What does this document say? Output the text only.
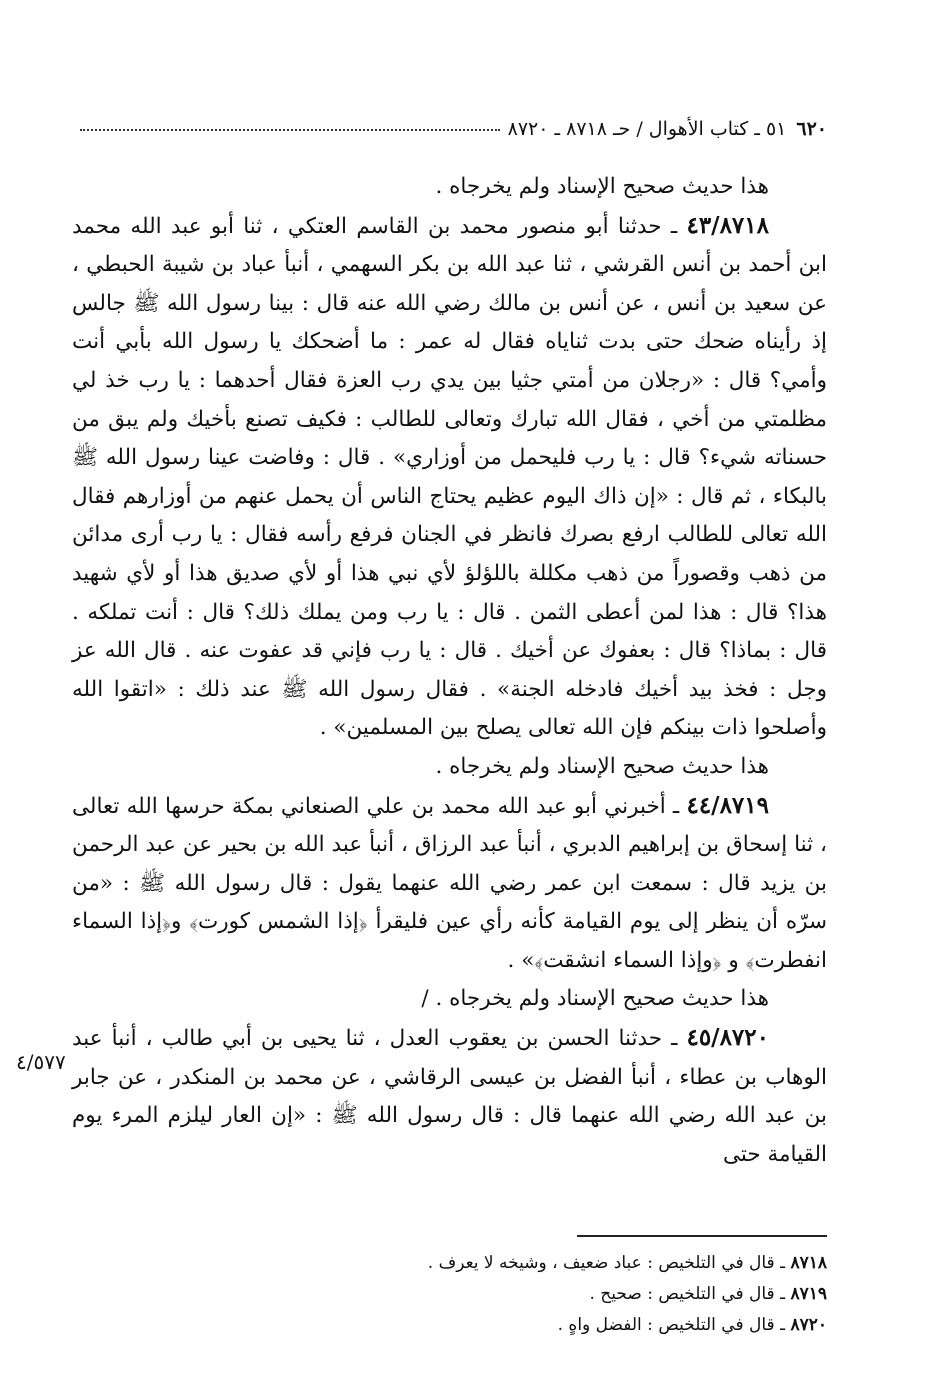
٦٢٠
٥١ ـ كتاب الأهوال / حـ ٨٧١٨ ـ ٨٧٢٠

هذا حديث صحيح الإسناد ولم يخرجاه .

٤٣/٨٧١٨ ـ حدثنا أبو منصور محمد بن القاسم العتكي ، ثنا أبو عبد الله محمد ابن أحمد بن أنس القرشي ، ثنا عبد الله بن بكر السهمي ، أنبأ عباد بن شيبة الحبطي ، عن سعيد بن أنس ، عن أنس بن مالك رضي الله عنه قال : بينا رسول الله ﷺ جالس إذ رأيناه ضحك حتى بدت ثناياه فقال له عمر : ما أضحكك يا رسول الله بأبي أنت وأمي؟ قال : «رجلان من أمتي جثيا بين يدي رب العزة فقال أحدهما : يا رب خذ لي مظلمتي من أخي ، فقال الله تبارك وتعالى للطالب : فكيف تصنع بأخيك ولم يبق من حسناته شيء؟ قال : يا رب فليحمل من أوزاري» . قال : وفاضت عينا رسول الله ﷺ بالبكاء ، ثم قال : «إن ذاك اليوم عظيم يحتاج الناس أن يحمل عنهم من أوزارهم فقال الله تعالى للطالب ارفع بصرك فانظر في الجنان فرفع رأسه فقال : يا رب أرى مدائن من ذهب وقصوراً من ذهب مكللة باللؤلؤ لأي نبي هذا أو لأي صديق هذا أو لأي شهيد هذا؟ قال : هذا لمن أعطى الثمن . قال : يا رب ومن يملك ذلك؟ قال : أنت تملكه . قال : بماذا؟ قال : بعفوك عن أخيك . قال : يا رب فإني قد عفوت عنه . قال الله عز وجل : فخذ بيد أخيك فادخله الجنة» . فقال رسول الله ﷺ عند ذلك : «اتقوا الله وأصلحوا ذات بينكم فإن الله تعالى يصلح بين المسلمين» .

هذا حديث صحيح الإسناد ولم يخرجاه .

٤٤/٨٧١٩ ـ أخبرني أبو عبد الله محمد بن علي الصنعاني بمكة حرسها الله تعالى ، ثنا إسحاق بن إبراهيم الدبري ، أنبأ عبد الرزاق ، أنبأ عبد الله بن بحير عن عبد الرحمن بن يزيد قال : سمعت ابن عمر رضي الله عنهما يقول : قال رسول الله ﷺ : «من سرّه أن ينظر إلى يوم القيامة كأنه رأي عين فليقرأ ﴿إذا الشمس كورت﴾ و﴿إذا السماء انفطرت﴾ و ﴿وإذا السماء انشقت﴾» .

هذا حديث صحيح الإسناد ولم يخرجاه . /

٤٥/٨٧٢٠ ـ حدثنا الحسن بن يعقوب العدل ، ثنا يحيى بن أبي طالب ، أنبأ عبد الوهاب بن عطاء ، أنبأ الفضل بن عيسى الرقاشي ، عن محمد بن المنكدر ، عن جابر بن عبد الله رضي الله عنهما قال : قال رسول الله ﷺ : «إن العار ليلزم المرء يوم القيامة حتى

٤/٥٧٧

٨٧١٨ ـ قال في التلخيص : عباد ضعيف ، وشيخه لا يعرف .

٨٧١٩ ـ قال في التلخيص : صحيح .

٨٧٢٠ ـ قال في التلخيص : الفضل واهٍ .
